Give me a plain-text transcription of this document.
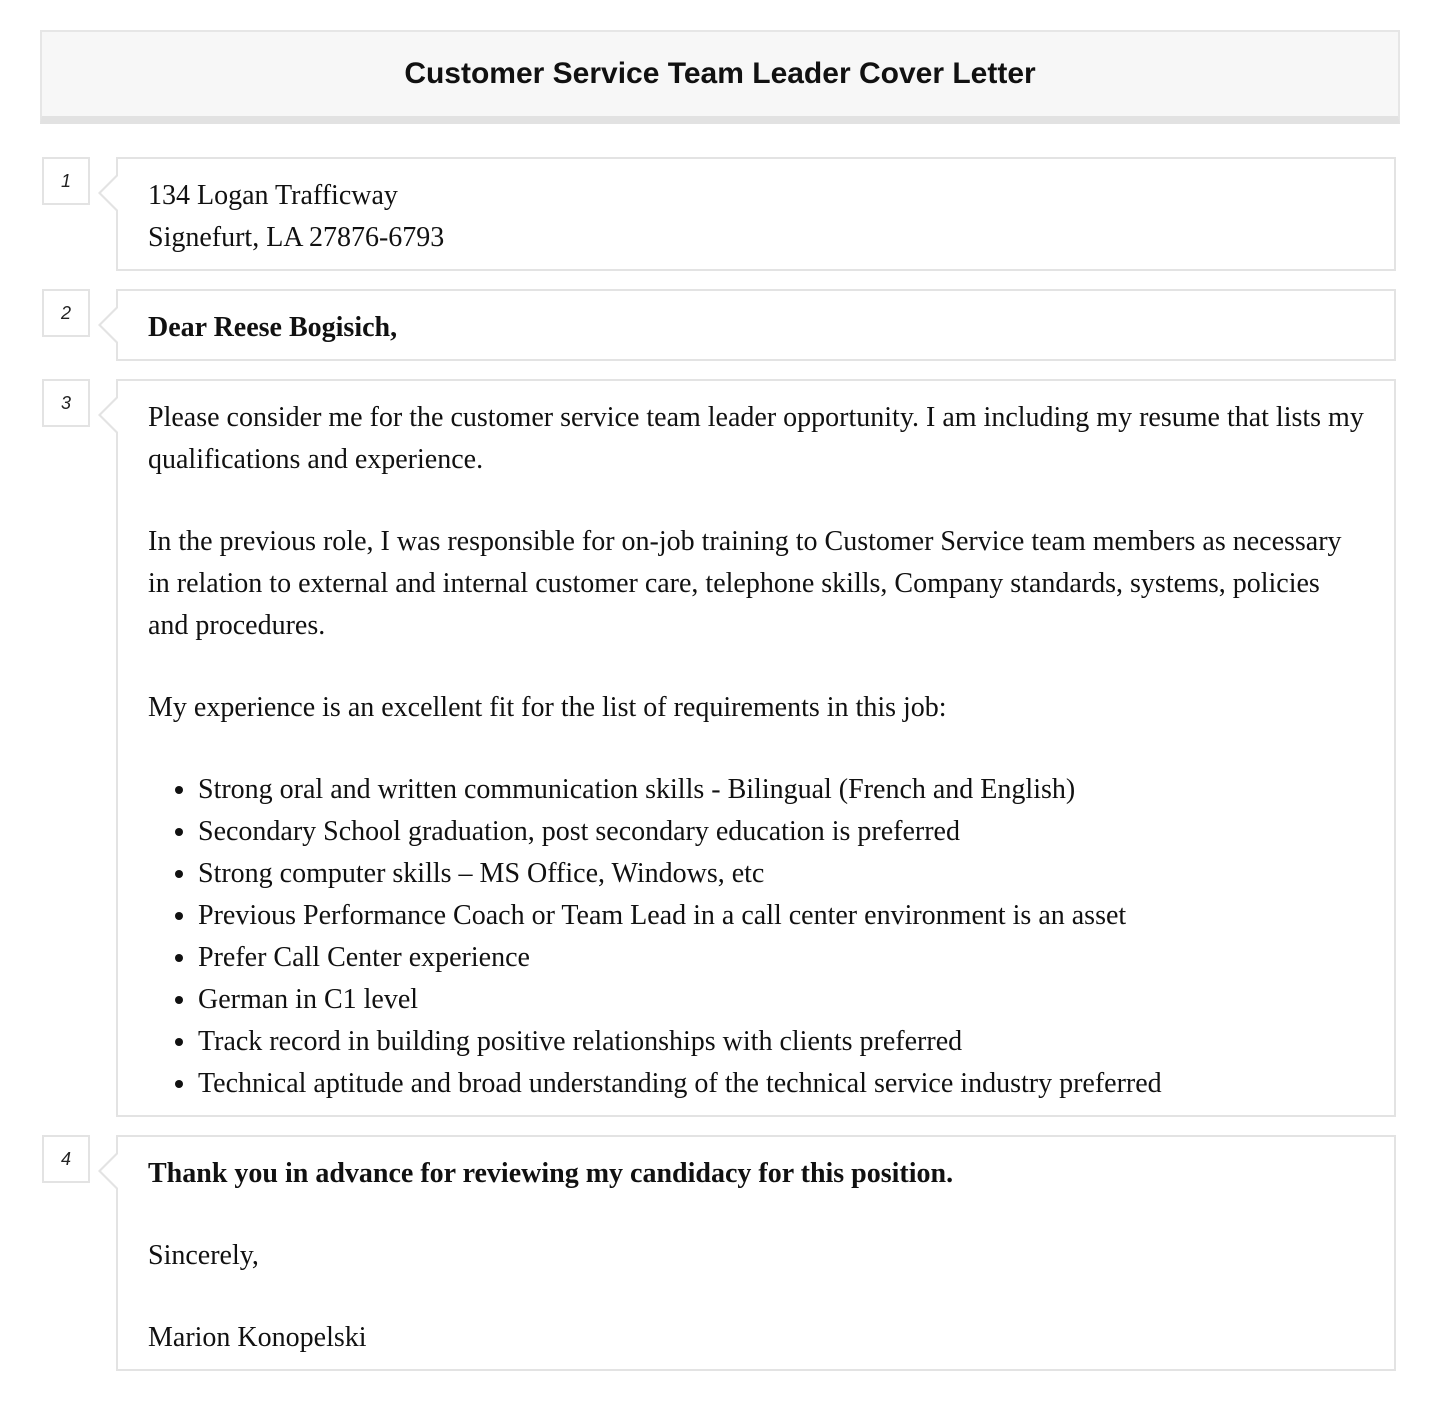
Customer Service Team Leader Cover Letter
1	134 Logan Trafficway

Signefurt, LA 27876-6793

2	Dear Reese Bogisich,

3	Please consider me for the customer service team leader opportunity. I am including my resume that lists my qualifications and experience.

In the previous role, I was responsible for on-job training to Customer Service team members as necessary in relation to external and internal customer care, telephone skills, Company standards, systems, policies and procedures.

My experience is an excellent fit for the list of requirements in this job:

• Strong oral and written communication skills - Bilingual (French and English)
• Secondary School graduation, post secondary education is preferred
• Strong computer skills – MS Office, Windows, etc
• Previous Performance Coach or Team Lead in a call center environment is an asset
• Prefer Call Center experience
• German in C1 level
• Track record in building positive relationships with clients preferred
• Technical aptitude and broad understanding of the technical service industry preferred
4	Thank you in advance for reviewing my candidacy for this position.

Sincerely,

Marion Konopelski
